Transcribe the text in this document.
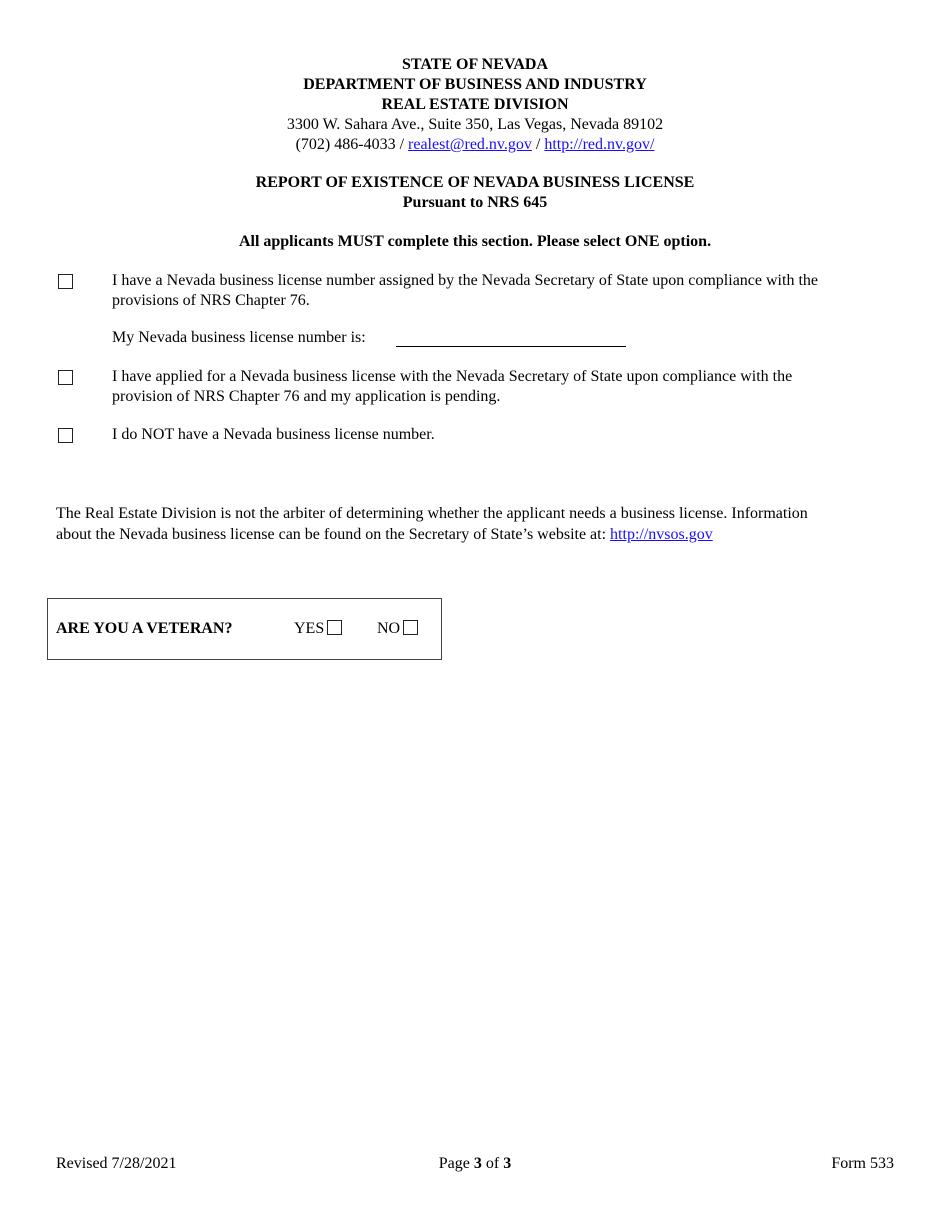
STATE OF NEVADA
DEPARTMENT OF BUSINESS AND INDUSTRY
REAL ESTATE DIVISION
3300 W. Sahara Ave., Suite 350, Las Vegas, Nevada 89102
(702) 486-4033 / realest@red.nv.gov / http://red.nv.gov/
REPORT OF EXISTENCE OF NEVADA BUSINESS LICENSE
Pursuant to NRS 645
All applicants MUST complete this section. Please select ONE option.
I have a Nevada business license number assigned by the Nevada Secretary of State upon compliance with the
provisions of NRS Chapter 76.
My Nevada business license number is:
I have applied for a Nevada business license with the Nevada Secretary of State upon compliance with the
provision of NRS Chapter 76 and my application is pending.
I do NOT have a Nevada business license number.
The Real Estate Division is not the arbiter of determining whether the applicant needs a business license. Information
about the Nevada business license can be found on the Secretary of State’s website at: http://nvsos.gov
ARE YOU A VETERAN?	YES	NO
Revised 7/28/2021	Page 3 of 3	Form 533
